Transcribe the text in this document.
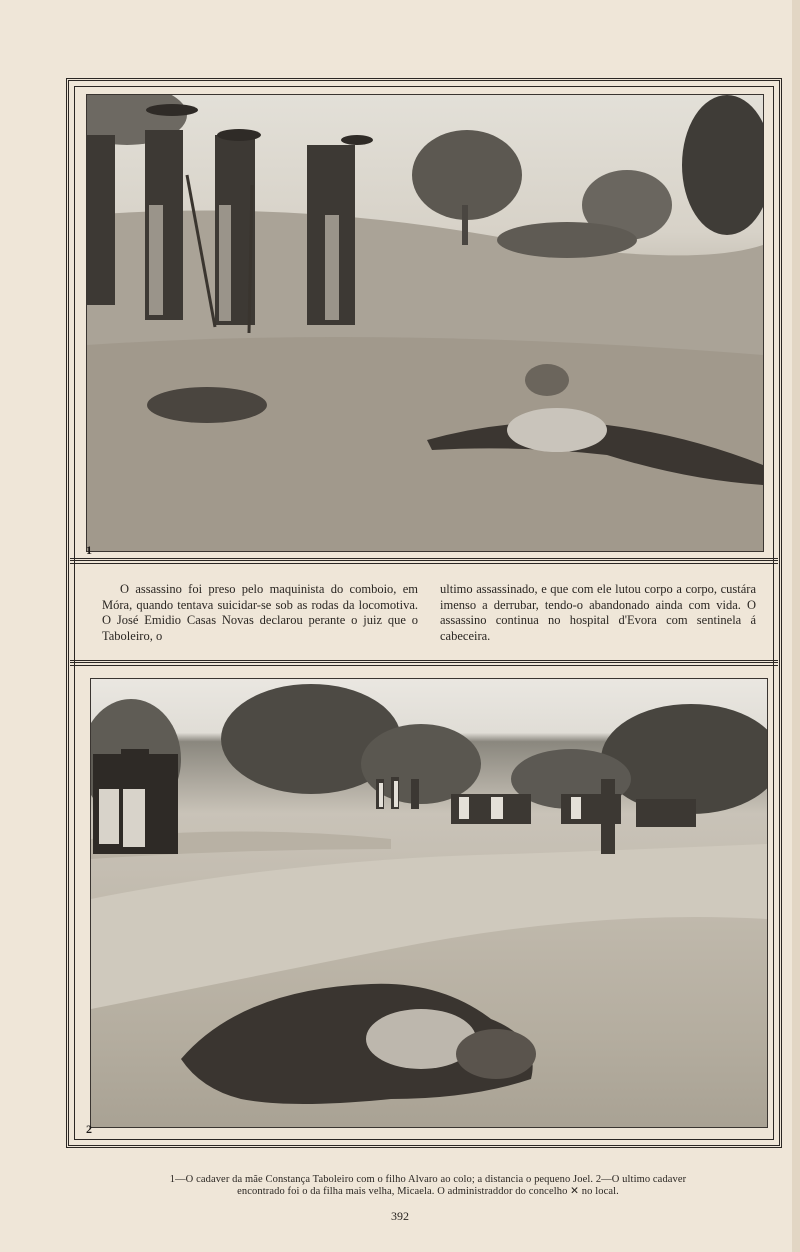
1
O assassino foi preso pelo maquinista do comboio, em Móra, quando tentava suicidar-se sob as rodas da locomotiva. O José Emidio Casas Novas declarou perante o juiz que o Taboleiro, o
ultimo assassinado, e que com ele lutou corpo a corpo, custára imenso a derrubar, tendo-o abandonado ainda com vida. O assassino continua no hospital d'Evora com sentinela á cabeceira.
2
1—O cadaver da mãe Constança Taboleiro com o filho Alvaro ao colo; a distancia o pequeno Joel. 2—O ultimo cadaver
encontrado foi o da filha mais velha, Micaela. O administraddor do concelho ✕ no local.
392
